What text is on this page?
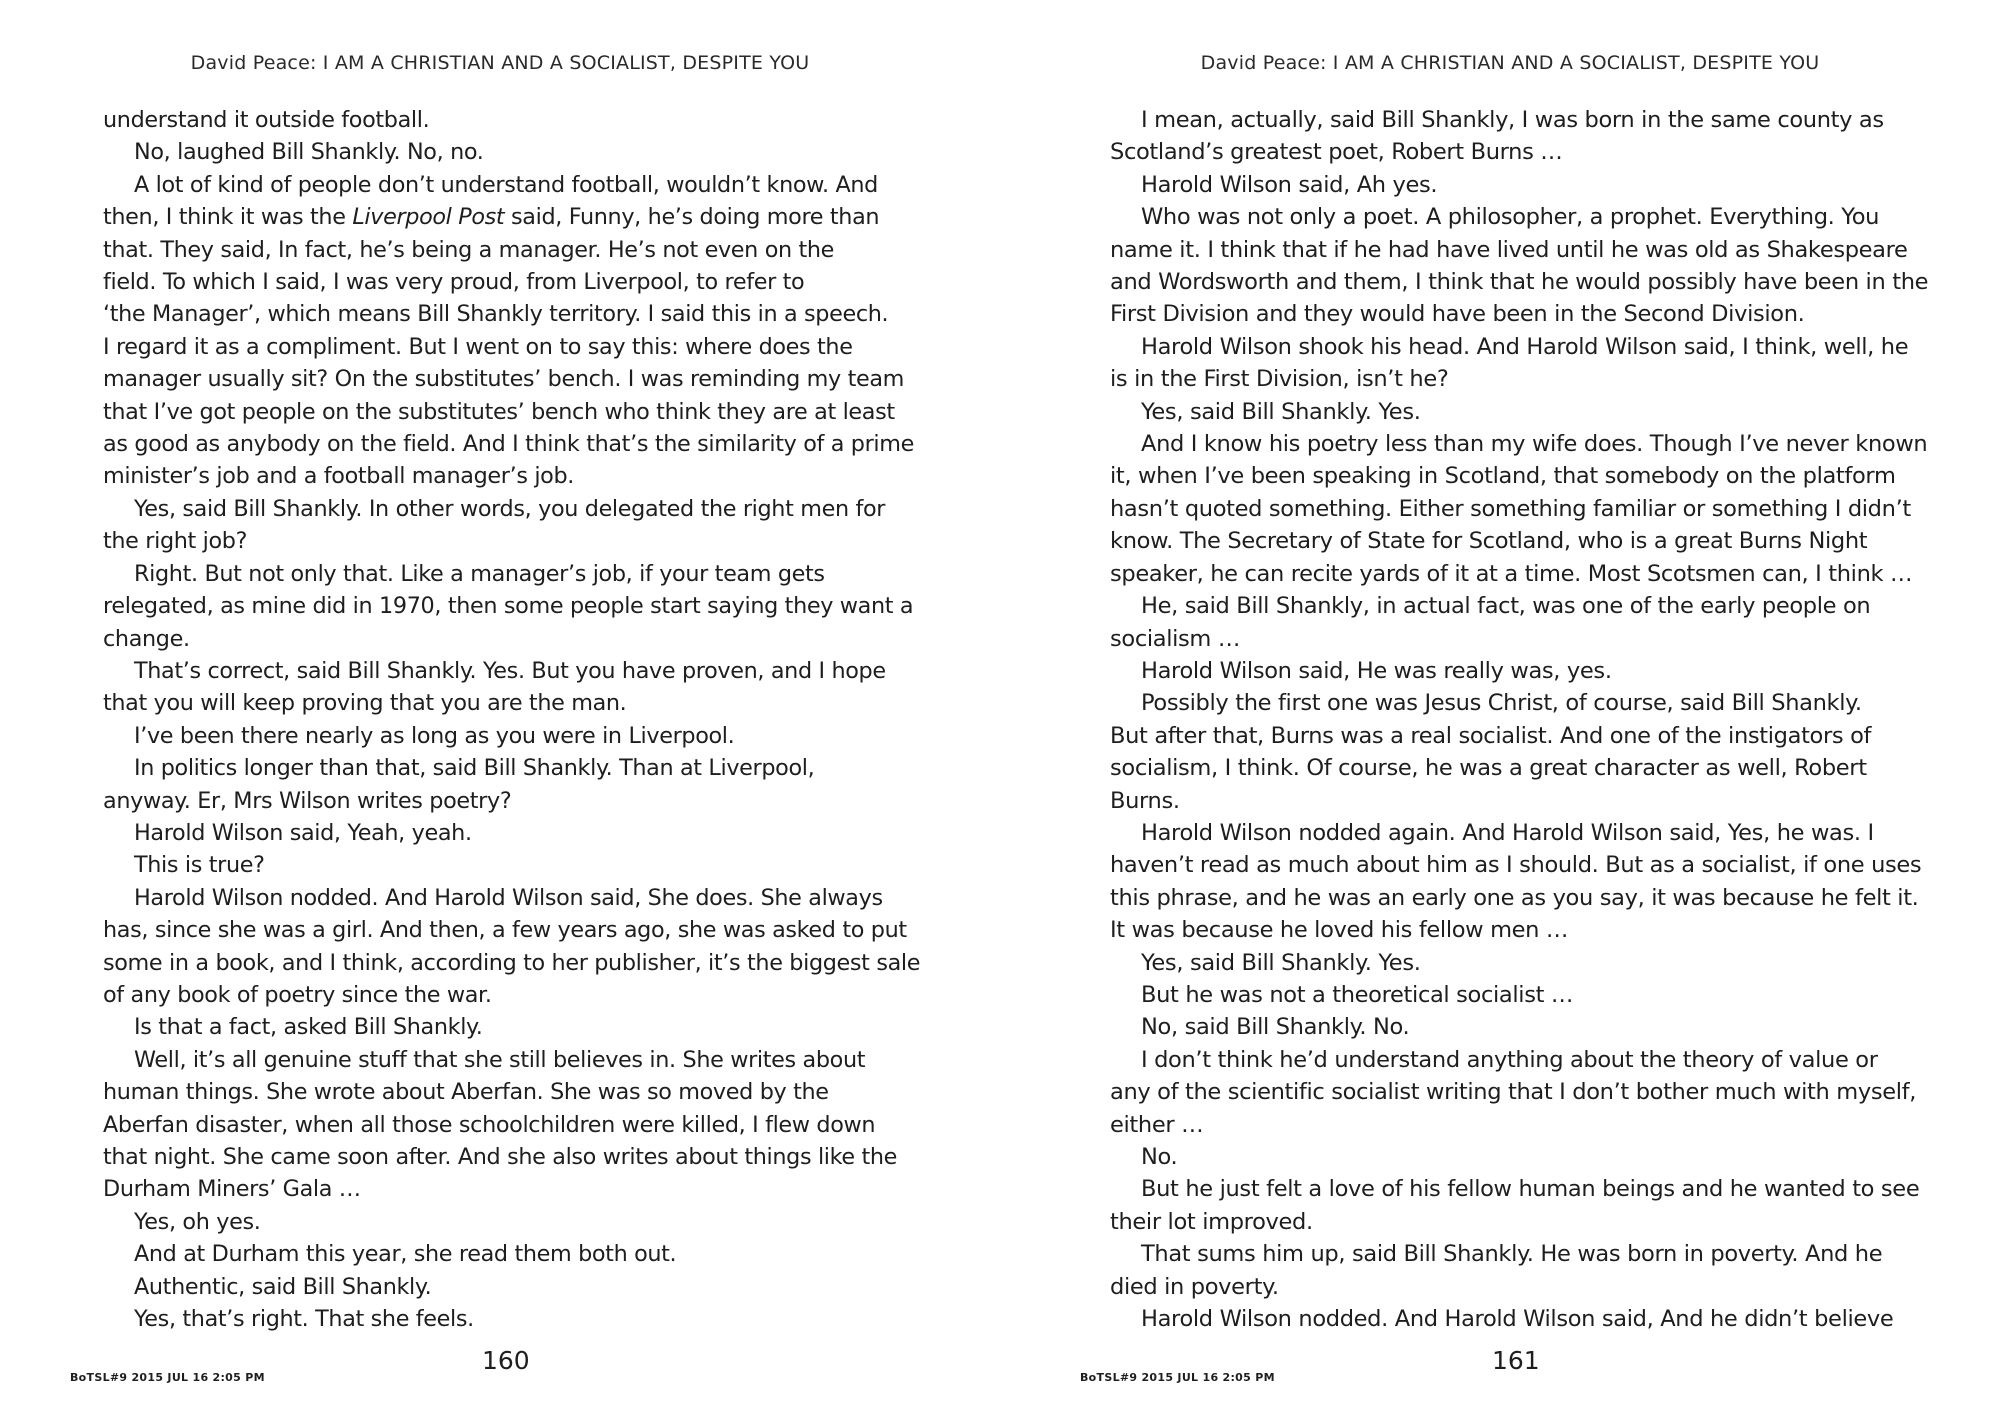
David Peace: I AM A CHRISTIAN AND A SOCIALIST, DESPITE YOU

understand it outside football.

No, laughed Bill Shankly. No, no.

A lot of kind of people don’t understand football, wouldn’t know. And

then, I think it was the Liverpool Post said, Funny, he’s doing more than

that. They said, In fact, he’s being a manager. He’s not even on the

field. To which I said, I was very proud, from Liverpool, to refer to

‘the Manager’, which means Bill Shankly territory. I said this in a speech.

I regard it as a compliment. But I went on to say this: where does the

manager usually sit? On the substitutes’ bench. I was reminding my team

that I’ve got people on the substitutes’ bench who think they are at least

as good as anybody on the field. And I think that’s the similarity of a prime

minister’s job and a football manager’s job.

Yes, said Bill Shankly. In other words, you delegated the right men for

the right job?

Right. But not only that. Like a manager’s job, if your team gets

relegated, as mine did in 1970, then some people start saying they want a

change.

That’s correct, said Bill Shankly. Yes. But you have proven, and I hope

that you will keep proving that you are the man.

I’ve been there nearly as long as you were in Liverpool.

In politics longer than that, said Bill Shankly. Than at Liverpool,

anyway. Er, Mrs Wilson writes poetry?

Harold Wilson said, Yeah, yeah.

This is true?

Harold Wilson nodded. And Harold Wilson said, She does. She always

has, since she was a girl. And then, a few years ago, she was asked to put

some in a book, and I think, according to her publisher, it’s the biggest sale

of any book of poetry since the war.

Is that a fact, asked Bill Shankly.

Well, it’s all genuine stuff that she still believes in. She writes about

human things. She wrote about Aberfan. She was so moved by the

Aberfan disaster, when all those schoolchildren were killed, I flew down

that night. She came soon after. And she also writes about things like the

Durham Miners’ Gala …

Yes, oh yes.

And at Durham this year, she read them both out.

Authentic, said Bill Shankly.

Yes, that’s right. That she feels.

160
BoTSL#9 2015 JUL 16 2:05 PM
David Peace: I AM A CHRISTIAN AND A SOCIALIST, DESPITE YOU

I mean, actually, said Bill Shankly, I was born in the same county as

Scotland’s greatest poet, Robert Burns …

Harold Wilson said, Ah yes.

Who was not only a poet. A philosopher, a prophet. Everything. You

name it. I think that if he had have lived until he was old as Shakespeare

and Wordsworth and them, I think that he would possibly have been in the

First Division and they would have been in the Second Division.

Harold Wilson shook his head. And Harold Wilson said, I think, well, he

is in the First Division, isn’t he?

Yes, said Bill Shankly. Yes.

And I know his poetry less than my wife does. Though I’ve never known

it, when I’ve been speaking in Scotland, that somebody on the platform

hasn’t quoted something. Either something familiar or something I didn’t

know. The Secretary of State for Scotland, who is a great Burns Night

speaker, he can recite yards of it at a time. Most Scotsmen can, I think …

He, said Bill Shankly, in actual fact, was one of the early people on

socialism …

Harold Wilson said, He was really was, yes.

Possibly the first one was Jesus Christ, of course, said Bill Shankly.

But after that, Burns was a real socialist. And one of the instigators of

socialism, I think. Of course, he was a great character as well, Robert

Burns.

Harold Wilson nodded again. And Harold Wilson said, Yes, he was. I

haven’t read as much about him as I should. But as a socialist, if one uses

this phrase, and he was an early one as you say, it was because he felt it.

It was because he loved his fellow men …

Yes, said Bill Shankly. Yes.

But he was not a theoretical socialist …

No, said Bill Shankly. No.

I don’t think he’d understand anything about the theory of value or

any of the scientific socialist writing that I don’t bother much with myself,

either …

No.

But he just felt a love of his fellow human beings and he wanted to see

their lot improved.

That sums him up, said Bill Shankly. He was born in poverty. And he

died in poverty.

Harold Wilson nodded. And Harold Wilson said, And he didn’t believe

161
BoTSL#9 2015 JUL 16 2:05 PM
